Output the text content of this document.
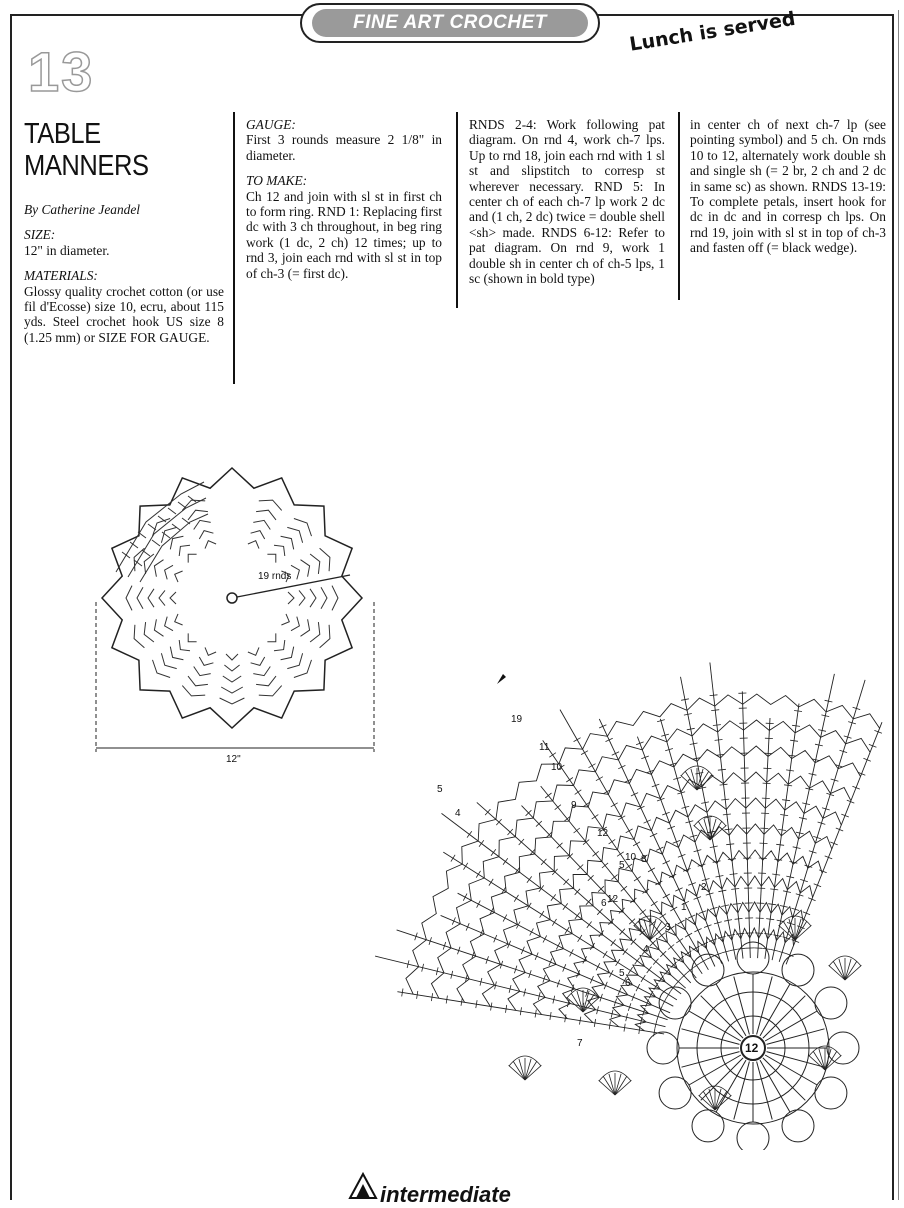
FINE ART CROCHET
13
Lunch is served
TABLE
MANNERS

By Catherine Jeandel

SIZE:

12" in diameter.

MATERIALS:

Glossy quality crochet cotton (or use fil d'Ecosse) size 10, ecru, about 115 yds. Steel crochet hook US size 8 (1.25 mm) or SIZE FOR GAUGE.

GAUGE:

First 3 rounds measure 2 1/8" in diameter.

TO MAKE:

Ch 12 and join with sl st in first ch to form ring. RND 1: Replacing first dc with 3 ch throughout, in beg ring work (1 dc, 2 ch) 12 times; up to rnd 3, join each rnd with sl st in top of ch-3 (= first dc).

RNDS 2-4: Work following pat diagram. On rnd 4, work ch-7 lps. Up to rnd 18, join each rnd with 1 sl st and slipstitch to corresp st wherever necessary. RND 5: In center ch of each ch-7 lp work 2 dc and (1 ch, 2 dc) twice = double shell <sh> made. RNDS 6-12: Refer to pat diagram. On rnd 9, work 1 double sh in center ch of ch-5 lps, 1 sc (shown in bold type)

in center ch of next ch-7 lp (see pointing symbol) and 5 ch. On rnds 10 to 12, alternately work double sh and single sh (= 2 br, 2 ch and 2 dc in same sc) as shown. RNDS 13-19: To complete petals, insert hook for dc in dc and in corresp ch lps. On rnd 19, join with sl st in top of ch-3 and fasten off (= black wedge).

19 rnds
12"
19
5
4
11
10
9
12
5
7
5
6
4
3
1
2
12
8
6
10
12
intermediate
